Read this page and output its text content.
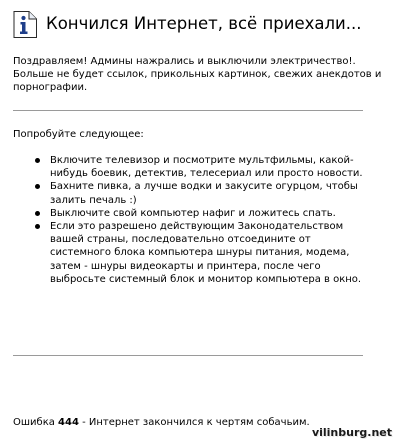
Кончился Интернет, всё приехали...
Поздравляем! Админы нажрались и выключили электричество!. Больше не будет ссылок, прикольных картинок, свежих анекдотов и порнографии.
Попробуйте следующее:
Включите телевизор и посмотрите мультфильмы, какой-нибудь боевик, детектив, телесериал или просто новости.
Бахните пивка, а лучше водки и закусите огурцом, чтобы залить печаль :)
Выключите свой компьютер нафиг и ложитесь спать.
Если это разрешено действующим Законодательством вашей страны, последовательно отсоедините от системного блока компьютера шнуры питания, модема, затем - шнуры видеокарты и принтера, после чего выбросьте системный блок и монитор компьютера в окно.
Ошибка 444 - Интернет закончился к чертям собачьим.
vilinburg.net
